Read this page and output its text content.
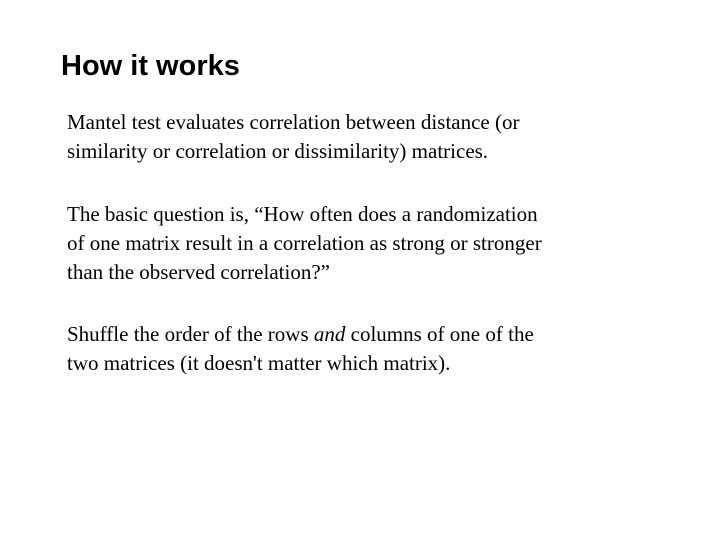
How it works

Mantel test evaluates correlation between distance (or
similarity or correlation or dissimilarity) matrices.

The basic question is, “How often does a randomization
of one matrix result in a correlation as strong or stronger
than the observed correlation?”

Shuffle the order of the rows and columns of one of the
two matrices (it doesn't matter which matrix).
